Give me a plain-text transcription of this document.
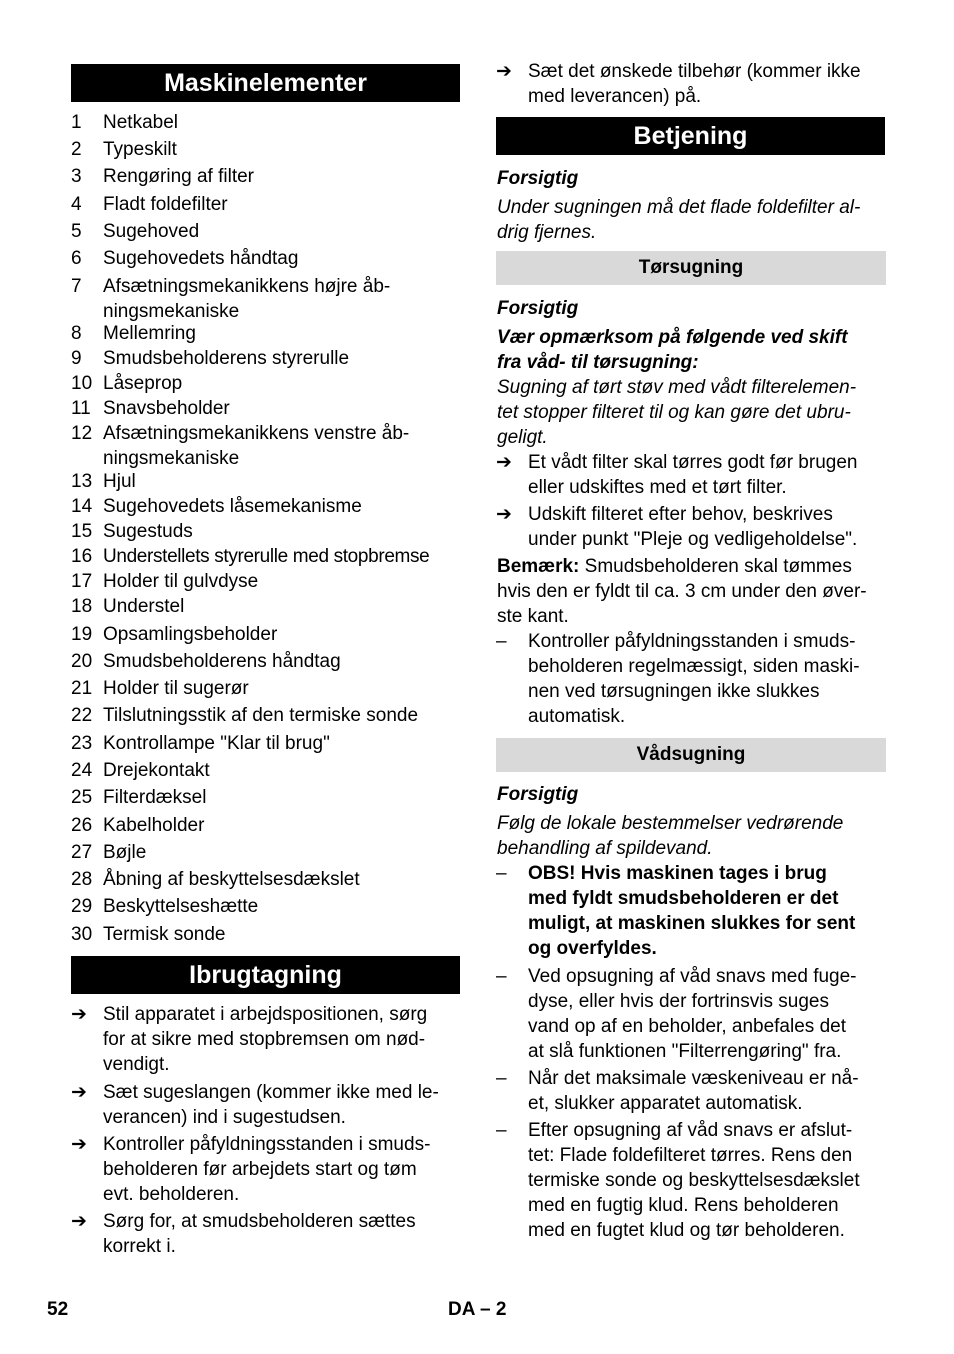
Maskinelementer
1	Netkabel
2	Typeskilt
3	Rengøring af filter
4	Fladt foldefilter
5	Sugehoved
6	Sugehovedets håndtag
7	Afsætningsmekanikkens højre åb-
ningsmekaniske
8	Mellemring
9	Smudsbeholderens styrerulle
10 Låseprop
11 Snavsbeholder
12 Afsætningsmekanikkens venstre åb-
ningsmekaniske
13 Hjul
14 Sugehovedets låsemekanisme
15 Sugestuds
16 Understellets styrerulle med stopbremse
17 Holder til gulvdyse
18 Understel
19 Opsamlingsbeholder
20 Smudsbeholderens håndtag
21 Holder til sugerør
22 Tilslutningsstik af den termiske sonde
23 Kontrollampe "Klar til brug"
24 Drejekontakt
25 Filterdæksel
26 Kabelholder
27 Bøjle
28 Åbning af beskyttelsesdækslet
29 Beskyttelseshætte
30 Termisk sonde
Ibrugtagning
➔ Stil apparatet i arbejdspositionen, sørg
for at sikre med stopbremsen om nød-
vendigt.
➔ Sæt sugeslangen (kommer ikke med le-
verancen) ind i sugestudsen.
➔ Kontroller påfyldningsstanden i smuds-
beholderen før arbejdets start og tøm
evt. beholderen.
➔ Sørg for, at smudsbeholderen sættes
korrekt i.
➔ Sæt det ønskede tilbehør (kommer ikke
med leverancen) på.
Betjening
Forsigtig
Under sugningen må det flade foldefilter al-
drig fjernes.
Tørsugning
Forsigtig
Vær opmærksom på følgende ved skift
fra våd- til tørsugning:
Sugning af tørt støv med vådt filterelemen-
tet stopper filteret til og kan gøre det ubru-
geligt.
➔ Et vådt filter skal tørres godt før brugen
eller udskiftes med et tørt filter.
➔ Udskift filteret efter behov, beskrives
under punkt "Pleje og vedligeholdelse".
Bemærk: Smudsbeholderen skal tømmes
hvis den er fyldt til ca. 3 cm under den øver-
ste kant.
–	Kontroller påfyldningsstanden i smuds-
beholderen regelmæssigt, siden maski-
nen ved tørsugningen ikke slukkes
automatisk.
Vådsugning
Forsigtig
Følg de lokale bestemmelser vedrørende
behandling af spildevand.
–	OBS! Hvis maskinen tages i brug
med fyldt smudsbeholderen er det
muligt, at maskinen slukkes for sent
og overfyldes.
–	Ved opsugning af våd snavs med fuge-
dyse, eller hvis der fortrinsvis suges
vand op af en beholder, anbefales det
at slå funktionen "Filterrengøring" fra.
–	Når det maksimale væskeniveau er nå-
et, slukker apparatet automatisk.
–	Efter opsugning af våd snavs er afslut-
tet: Flade foldefilteret tørres. Rens den
termiske sonde og beskyttelsesdækslet
med en fugtig klud. Rens beholderen
med en fugtet klud og tør beholderen.
52	DA – 2
